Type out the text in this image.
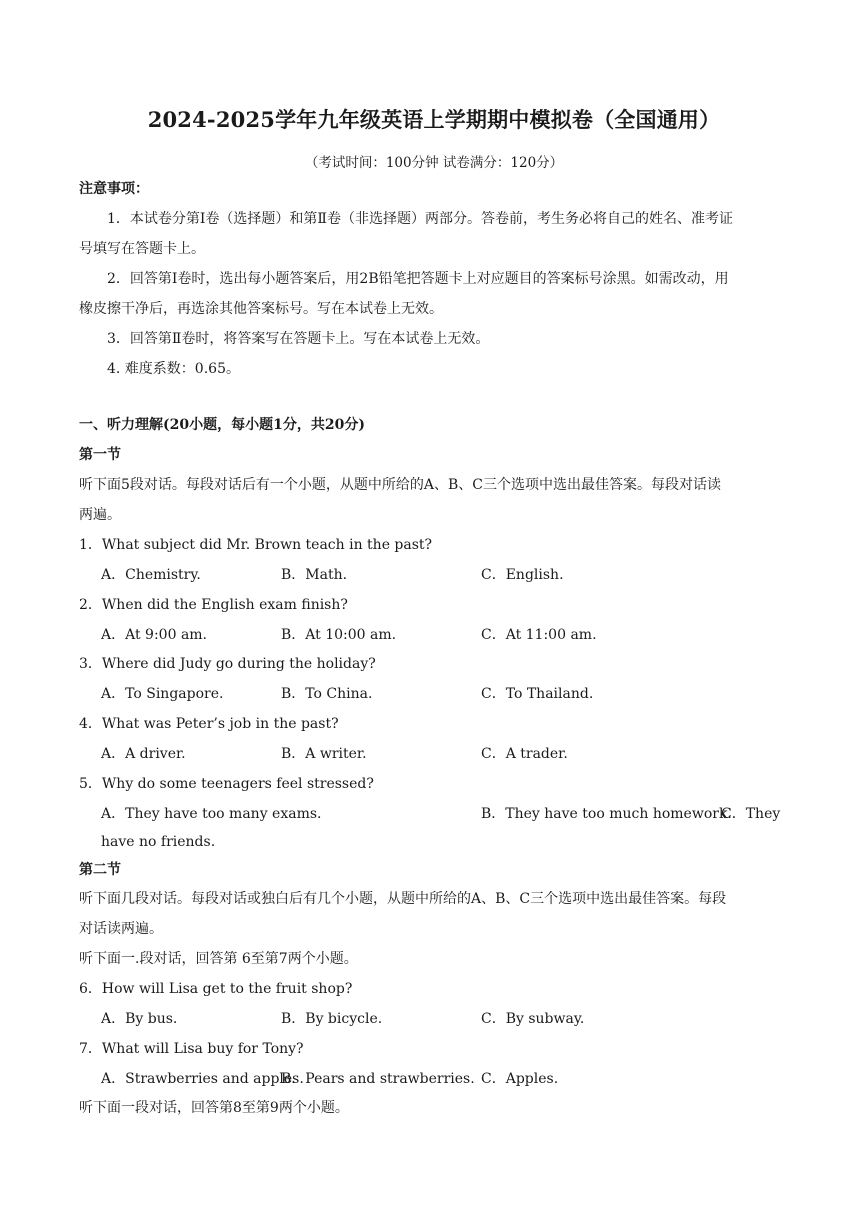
2024-2025学年九年级英语上学期期中模拟卷（全国通用）
（考试时间：100分钟 试卷满分：120分）
注意事项：
1．本试卷分第Ⅰ卷（选择题）和第Ⅱ卷（非选择题）两部分。答卷前，考生务必将自己的姓名、准考证
号填写在答题卡上。
2．回答第Ⅰ卷时，选出每小题答案后，用2B铅笔把答题卡上对应题目的答案标号涂黑。如需改动，用
橡皮擦干净后，再选涂其他答案标号。写在本试卷上无效。
3．回答第Ⅱ卷时，将答案写在答题卡上。写在本试卷上无效。
4. 难度系数：0.65。
一、听力理解(20小题，每小题1分，共20分)
第一节
听下面5段对话。每段对话后有一个小题，从题中所给的A、B、C三个选项中选出最佳答案。每段对话读
两遍。
1．What subject did Mr. Brown teach in the past?
A．Chemistry.	B．Math.	C．English.
2．When did the English exam finish?
A．At 9:00 am.	B．At 10:00 am.	C．At 11:00 am.
3．Where did Judy go during the holiday?
A．To Singapore.	B．To China.	C．To Thailand.
4．What was Peter’s job in the past?
A．A driver.	B．A writer.	C．A trader.
5．Why do some teenagers feel stressed?
A．They have too many exams.	B．They have too much homework.
C．They
have no friends.
第二节
听下面几段对话。每段对话或独白后有几个小题，从题中所给的A、B、C三个选项中选出最佳答案。每段
对话读两遍。
听下面一.段对话，回答第 6至第7两个小题。
6．How will Lisa get to the fruit shop?
A．By bus.	B．By bicycle.	C．By subway.
7．What will Lisa buy for Tony?
A．Strawberries and apples.
B．Pears and strawberries. C．Apples.
听下面一段对话，回答第8至第9两个小题。
